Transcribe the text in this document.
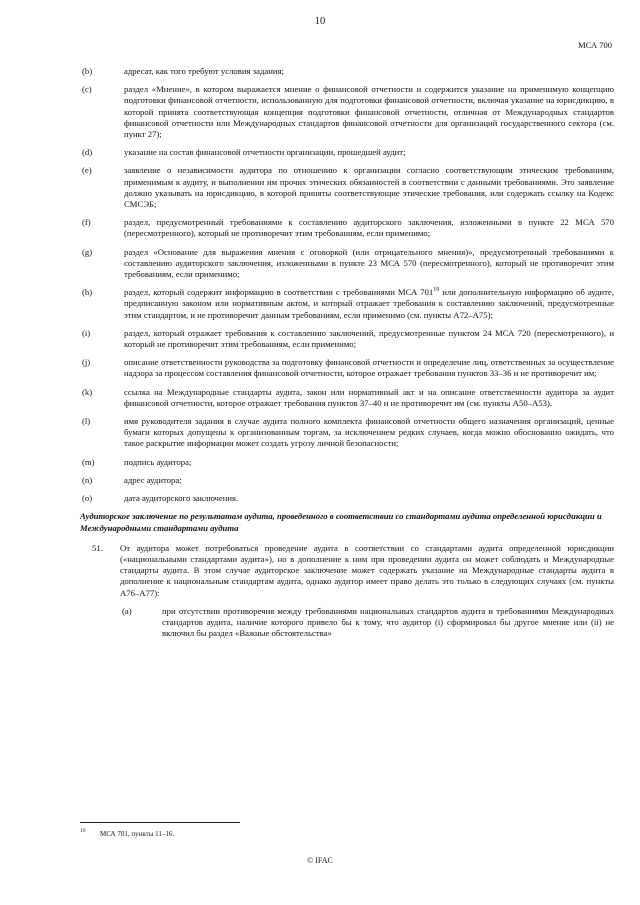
10
МСА 700
(b)	адресат, как того требуют условия задания;
(c)	раздел «Мнение», в котором выражается мнение о финансовой отчетности и содержится указание на применимую концепцию подготовки финансовой отчетности, использованную для подготовки финансовой отчетности, включая указание на юрисдикцию, в которой принята соответствующая концепция подготовки финансовой отчетности, отличная от Международных стандартов финансовой отчетности или Международных стандартов финансовой отчетности для организаций государственного сектора (см. пункт 27);
(d)	указание на состав финансовой отчетности организации, прошедшей аудит;
(e)	заявление о независимости аудитора по отношению к организации согласно соответствующим этическим требованиям, применимым к аудиту, и выполнении им прочих этических обязанностей в соответствии с данными требованиями. Это заявление должно указывать на юрисдикцию, в которой приняты соответствующие этические требования, или содержать ссылку на Кодекс СМСЭБ;
(f)	раздел, предусмотренный требованиями к составлению аудиторского заключения, изложенными в пункте 22 МСА 570 (пересмотренного), который не противоречит этим требованиям, если применимо;
(g)	раздел «Основание для выражения мнения с оговоркой (или отрицательного мнения)», предусмотренный требованиями к составлению аудиторского заключения, изложенными в пункте 23 МСА 570 (пересмотренного), который не противоречит этим требованиям, если применимо;
(h)	раздел, который содержит информацию в соответствии с требованиями МСА $701^{19}$ или дополнительную информацию об аудите, предписанную законом или нормативным актом, и который отражает требования к составлению заключений, предусмотренные этим стандартом, и не противоречит данным требованиям, если применимо (см. пункты А72–А75);
(i)	раздел, который отражает требования к составлению заключений, предусмотренные пунктом 24 МСА 720 (пересмотренного), и который не противоречит этим требованиям, если применимо;
(j)	описание ответственности руководства за подготовку финансовой отчетности и определение лиц, ответственных за осуществление надзора за процессом составления финансовой отчетности, которое отражает требования пунктов 33–36 и не противоречит им;
(k)	ссылка на Международные стандарты аудита, закон или нормативный акт и на описание ответственности аудитора за аудит финансовой отчетности, которое отражает требования пунктов 37–40 и не противоречит им (см. пункты А50–А53).
(l)	имя руководителя задания в случае аудита полного комплекта финансовой отчетности общего назначения организаций, ценные бумаги которых допущены к организованным торгам, за исключением редких случаев, когда можно обоснованно ожидать, что такое раскрытие информации может создать угрозу личной безопасности;
(m)	подпись аудитора;
(n)	адрес аудитора;
(o)	дата аудиторского заключения.
Аудиторское заключение по результатам аудита, проведенного в соответствии со стандартами аудита определенной юрисдикции и Международными стандартами аудита
51. От аудитора может потребоваться проведение аудита в соответствии со стандартами аудита определенной юрисдикции («национальными стандартами аудита»), но в дополнение к ним при проведении аудита он может соблюдать и Международные стандарты аудита. В этом случае аудиторское заключение может содержать указание на Международные стандарты аудита в дополнение к национальным стандартам аудита, однако аудитор имеет право делать это только в следующих случаях (см. пункты А76–А77):
(a)	при отсутствии противоречия между требованиями национальных стандартов аудита и требованиями Международных стандартов аудита, наличие которого привело бы к тому, что аудитор (i) сформировал бы другое мнение или (ii) не включил бы раздел «Важные обстоятельства»
19 МСА 701, пункты 11–16.
© IFAC
